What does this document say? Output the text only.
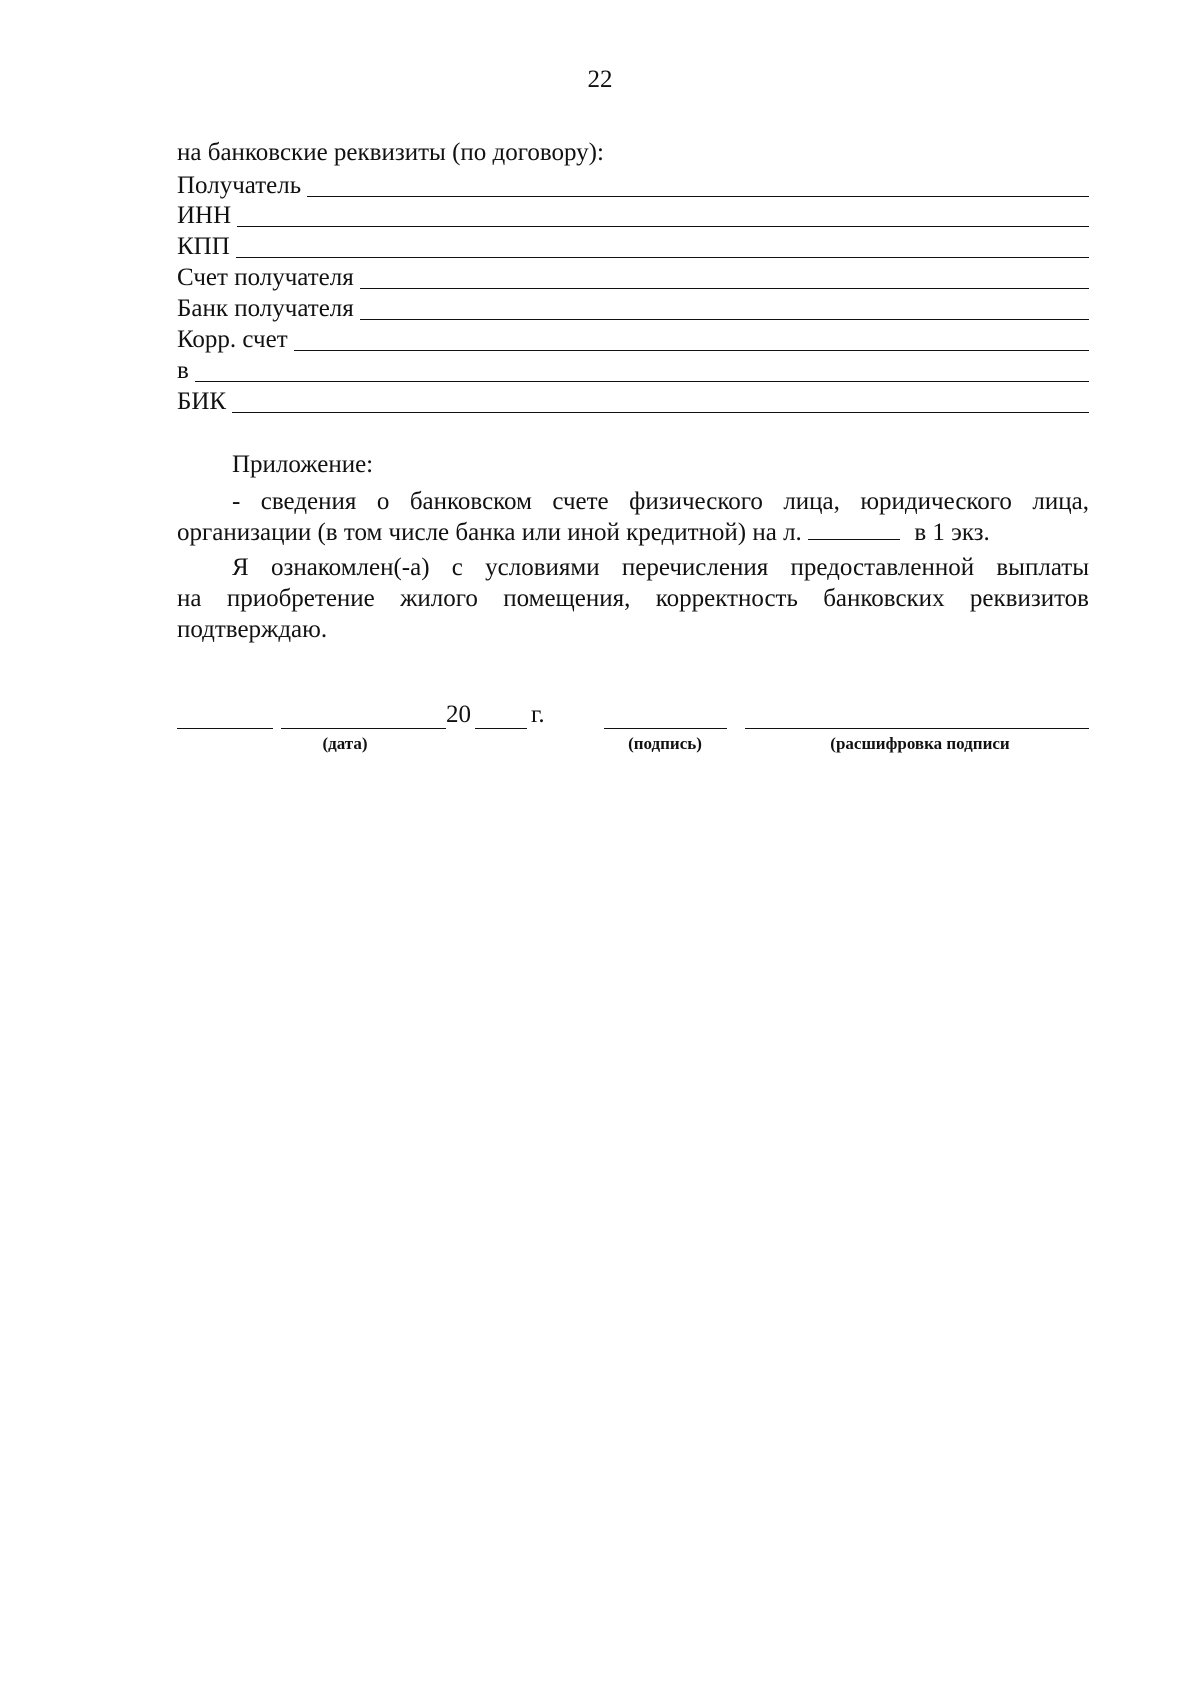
22
на банковские реквизиты (по договору):
Получатель
ИНН
КПП
Счет получателя
Банк получателя
Корр. счет
в
БИК
Приложение:
- сведения о банковском счете физического лица, юридического лица,
организации (в том числе банка или иной кредитной) на л.	в 1 экз.
Я ознакомлен(-а) с условиями перечисления предоставленной выплаты
на приобретение жилого помещения, корректность банковских реквизитов
подтверждаю.
20 г.
(дата)	(подпись)	(расшифровка подписи
